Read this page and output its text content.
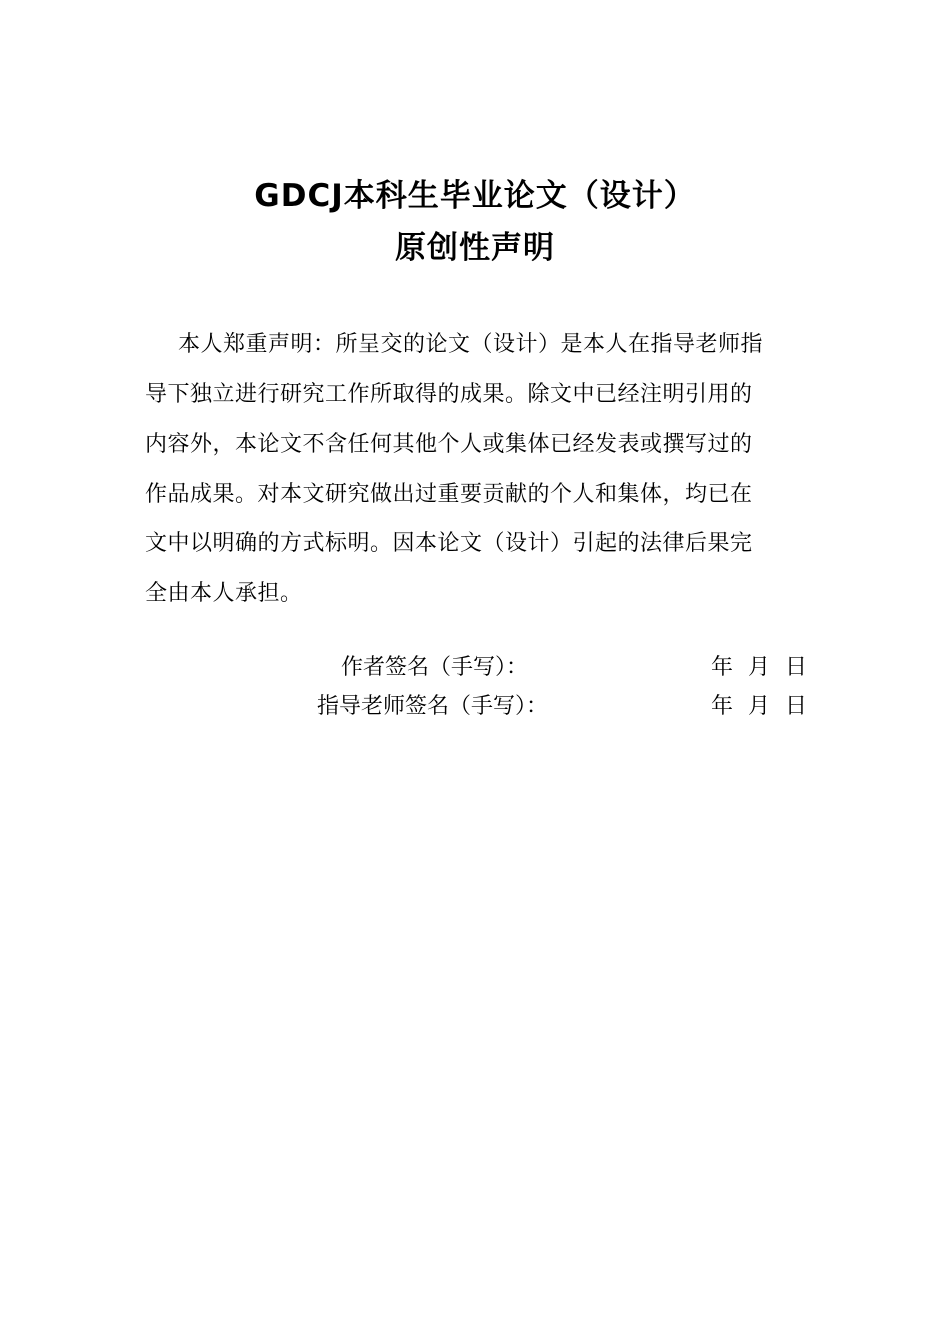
GDCJ本科生毕业论文（设计）
原创性声明
本人郑重声明：所呈交的论文（设计）是本人在指导老师指
导下独立进行研究工作所取得的成果。除文中已经注明引用的
内容外，本论文不含任何其他个人或集体已经发表或撰写过的
作品成果。对本文研究做出过重要贡献的个人和集体，均已在
文中以明确的方式标明。因本论文（设计）引起的法律后果完
全由本人承担。
作者签名（手写）：	年 月 日
指导老师签名（手写）：	年 月 日
